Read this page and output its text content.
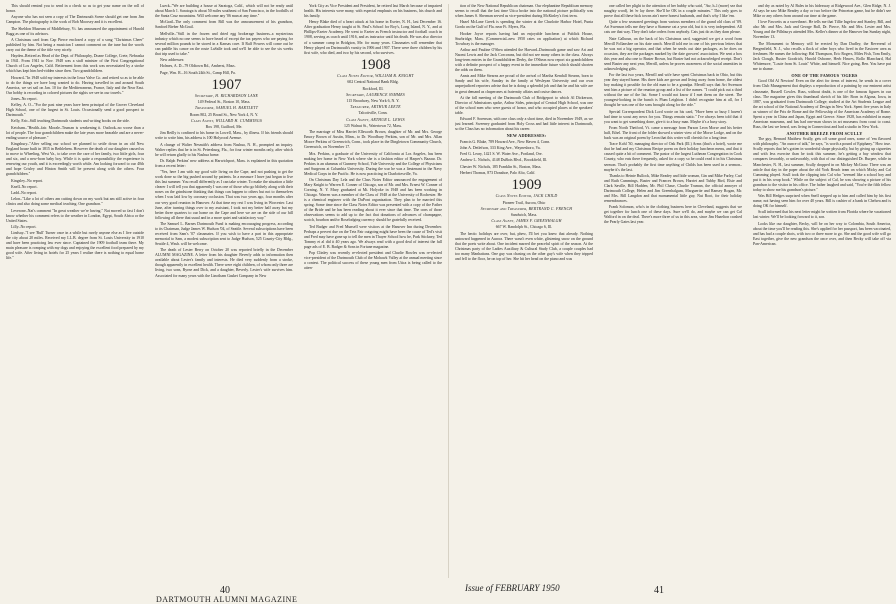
This should remind you to send in a check so as to get your name on the roll of honor.

Anyone who has not seen a copy of The Dartmouth Scene should get one from Jim Campion. The photography is the work of Bob Moorsey and it is excellent.

The Sheldon Museum of Middlebury, Vt. has announced the appointment of Harold Bugg as one of its advisors.

A Christmas card from Cap Pierce enclosed a copy of a song "Christmas Cheer" published by him. Not being a musician I cannot comment on the tune but the words carry out the theme of the title very nicely.

Hayden–Retired as Head of the Dept. of Philosophy, Doane College, Crete, Nebraska in 1941. From 1941 to Nov. 1948 was a staff minister of the First Congregational Church of Los Angeles, Calif. Retirement from this work was necessitated by a stroke which has kept him bed-ridden since then. Two grandchildren.

Howard–"In 1948 sold my interests in the Iowa Valve Co. and retired so as to be able to do the things we have long wanted to do. Having travelled in and around South America, we set sail on Jan. 10 for the Mediterranean, France, Italy and the Near East. Our hobby is recording in colored pictures the sights we see in our travels."

Jones–No report.

Kelley, A. O.–"For the past nine years have been principal of the Grover Cleveland High School, one of the largest in St. Louis. Occasionally send a good prospect to Dartmouth."

Kelly, Eric–Still teaching Dartmouth students and writing books on the side.

Ketcham–"Health–fair. Morale–Truman is weakening it. Outlook–no worse than a lot of people. The four grandchildren make the late years more bearable and are a never-ending source of pleasure."

Kingsbury–"After selling our school we planned to settle down in an old New England house built in 1815 in Bethlehem. However the death of our daughter caused us to move to Wheeling, West Va., to take over the care of her family, two little girls, four and six, and a new-born baby boy. While it is quite a responsibility the experience is renewing our youth, and it is exceedingly worth while. Am looking forward to our 40th and hope Crisley and Hinton Smith will be present along with the others. Four grandchildren."

Kingsley–No report.

Knell–No report.

Ladd–No report.

Lelon–"Like a lot of others am cutting down on my work but am still active in four clinics and also doing some medical teaching. One grandson."

Leverone–Nat's comment "In great weather we're having." Nat moved so fast I don't know whether his comment refers to the weather in London, Egypt, South Africa or the United States.

Lilly–No report.

Lindsay–"I see 'Bull' Turner once in a while but rarely anyone else as I live outside the city about 20 miles. Received my LL.B. degree from St. Louis University in 1910 and have been practicing law ever since. Captained the 1909 football team there. My main pleasure is romping with my dogs and enjoying the excellent food prepared by my good wife. After living in hotels for 25 years I realize there is nothing to equal home life."

Lueck–"We are building a house at Saratoga, Calif., which will not be ready until about March 1. Saratoga is about 50 miles southeast of San Francisco, in the foothills of the Santa Cruz mountains. Will welcome any '06 man at any time."

McGrail–The only comment from Bill was the announcement of his grandson, Sanford Bieber McGrail.

Mellville–"Still in the frozen and dried egg brokerage business–a mysterious industry which no one seems to have heard of except the tax payers who are paying for several million pounds to be stored in a Kansas cave. If Ralf Powers will come out he can paddle his canoe on the route LaSalle took and we'll be able to see the six weeks that trip used to take."

New addresses:

Holmes, A. D.–79 Oldtown Rd., Amherst, Mass.

Page, Wm. R.–16 South 24th St., Camp Hill, Pa.

1907

Secretary, H. RICHARDSON LANE

149 Federal St., Boston 10, Mass.

Treasurer, SAMUEL H. BARTLETT

Room 802, 25 Broad St., New York 4, N. Y.

Class Agent, WILLARD H. CUMMINGS

Box 198, Guilford, Me.

Jim Reilly is confined to his home in Lowell, Mass., by illness. If his friends should write to write him, his address is 100 Holyrood Avenue.

A change of Walter Nesmith's address from Nashua, N. H., prompted an inquiry. Walter replies that he is in St. Petersburg, Fla., for four winter months only, after which he will return gladly to his Nashua home.

Dr. Ralph Perkins' new address at Harwichport, Mass. is explained in this quotation from a recent letter:

"Yes, here I am with my good wife living on the Cape, and not pushing to get the work done so the big pushed around by patients. In a measure I have just begun to live this last summer. You recall differently as I can take winter. To make the situation a little clearer I will tell you that apparently I was one of those who go blithely along with their noses on the grindstone thinking that things can happen to others but not to themselves when I was laid low by coronary occlusion. That was two years ago, four months after our very good reunion in Hanover. At that time my rest I was living in Worcester. Last June, after turning things over to my assistant, I took not my better half away but my better three quarters to our home on the Cape and here we are on the side of our hill following all there that usual and in a more quiet and satisfactory way."

The Samuel L. Barnes Dartmouth Fund is making encouraging progress, according to its Chairman, Judge James W. Hudson '04, of Seattle. Several subscriptions have been received from Sam's '07 classmates. If you wish to have a part in this appropriate memorial to Sam, a modest subscription sent to Judge Hudson, 525 County-City Bldg., Seattle 4, Wash. will be welcome.

The death of Lester Berry on October 20 was reported briefly in the December ALUMNI MAGAZINE. A letter from his daughter Beverly adds to information then available about Lester's family and interests. He died very suddenly from a stroke, though apparently in excellent health. There were eight children, of whom only three are living, two sons, Byrne and Dick, and a daughter, Beverly. Lester's wife survives him. Associated for many years with the Linotham Gasket Company in New

York City as Vice President and President, he retired last March because of impaired health. His interests were many, with especial emphasis on his business, his church and his family.

Henry Blake died of a heart attack at his home in Exeter, N. H., last December 16. After graduation Henry taught at St. Paul's School for Boy's, Long Island, N. Y., and at Phillips-Exeter Academy. He went to Exeter as French instructor and football coach in 1908, serving as coach until 1916, and as instructor until his death. He was also director of a summer camp in Bridgton, Me. for many years. Classmates will remember that Henry played on Dartmouth's varsity in 1906 and 1907. There were three children by his first wife, who died, and two by his second, who survives.

1908

Class Notes Editor, WILLIAM B. KNIGHT

602 Central National Bank Bldg.

Rockford, Ill.

Secretary, LAURENCE SYMMES

115 Broadway, New York 6, N. Y.

Treasurer, ARTHUR LEETE

Talcottville, Conn.

Class Agent, ARTHUR L. LEWIS

125 Walnut St., Watertown 72, Mass.

The marriage of Miss Harriet Ellsworth Brown, daughter of Mr. and Mrs. George Emory Brown of Austin, Minn., to Dr. Woodbury Perkins, son of Mr. and Mrs. Allan Moore Perkins of Greenwich, Conn., took place in the Dingletown Community Church, Greenwich, on November 17.

Mrs. Perkins, a graduate of the University of California at Los Angeles, has been making her home in New York where she is a fashion editor of Harper's Bazaar. Dr. Perkins is an alumnus of Gunnery School, Yale University and the College of Physicians and Surgeons at Columbia University. During the war he was a lieutenant in the Navy Medical Corps in the Pacific. He is now practicing in Charlottesville, Va.

On Christmas Day Lela and the Class Notes Editor announced the engagement of Mary Knight to Warren E. Conner of Chicago, son of Mr. and Mrs. Ernest W. Conner of Corning, N. Y. Mary graduated at Mt. Holyoke in 1948 and has been working in Chicago. Warren was a member of the Class of 1948 at the University of Rochester. He is a chemical engineer with the DuPont organization. They plan to be married this spring. Some time since the Class Notes Editor was presented with a copy of the Father of the Bride and he has been reading about it ever since that time. The cons of those observations seems to add up to the fact that donations of advances of champagne, scotch, bourbon and/or Roselodging currency should be gratefully received.

Ted Badger and Fred Munsell were visitors at the Hanover Inn during December. Perhaps a pervert due on the Tetz Fair outgoing might have been the cause of Ted's visit and Fred may have gone up to tell the men in Thayer School how he, Park Stickney, Ted Tommy et al did it 40 years ago. We always read with a good deal of interest the full page ads of E. B. Badger & Sons in Fortune magazine.

Pop Clinley was recently re-elected president and Charlie Bowles was re-elected vice-president of the Dartmouth Club of the Mohawk Valley at the annual meeting since a contest. The political success of these young men from Utica is being called to the atten-

40
DARTMOUTH ALUMNI MAGAZINE

tion of the New National Republican chairman. Our elephantine Republican memory seems to recall that the last time Utica broke into the national picture politically was when James S. Sherman served as vice-president during McKinley's first term.

Hazel McLane Greek is spending the winter at the Charlotte Harbor Hotel, Punta Gorda on the Gulf of Fla. near Ft. Myers, Fla.

Hooker Joyce reports having had an enjoyable luncheon at Publick House, Sturbridge, Mass. (Commercial–new 1950 rates on application) at which Richard Trowbray is the manager.

Arthur and Pauline O'Shea attended the Harvard–Dartmouth game and saw Art and Naomi Lewis and the Jack Corcorans, but did not see many others in the class. Always long-term entries in the Grandchildren Derby, the O'Sheas now report six grandchildren with a definite prospect of a happy event in the immediate future which should shorten the odds on them.

Annis and Mike Stearns are proud of the arrival of Martha Kendall Stearns, born to Sandy and his wife, Sunday in the family at Wesleyan University and our own unprejudiced reporters advise that he is doing a splendid job and that he and his wife are in great demand as chaperones at fraternity affairs and cruise dances.

At the fall meeting of the Dartmouth Club of Bridgeport to which Al Dickerson, Director of Admissions spoke, Arthur Sides, principal of Central High School, was one of the school men who were guests of honor, and who occupied places at the speakers' table.

Edward F. Sorenson, with one class only a short time, died in November 1949, as we just learned. Sweeney graduated from Holy Cross and had little interest in Dartmouth, so the Class has no information about his career.

NEW ADDRESSES:

Francis G. Blake, 789 Howard Ave., New Haven 4, Conn.

John A. Detlefson, 333 King Ave., Waynesboro, Va.

Fred G. Leary, 1421 S. W. Water Ave., Portland, Ore.

Andrew L. Nichols, 4148 DuBois Blvd., Brookfield, Ill.

Chester W. Nichols, 185 Franklin St., Boston, Mass.

Herbert Thomas, 873 Donahoe, Palo Alto, Calif.

1909

Class Notes Editor, JACK CHILD

Pioneer Trail, Aurora, Ohio

Secretary and Treasurer, BERTRAND C. FRENCH

Sandwich, Mass.

Class Agent, JAMES F. GREENHALGH

667 W. Randolph St., Chicago 6, Ill.

The hectic holidays are over, but, phew, I'll bet you knew that already. Nothing untoward happened in Aurora. There wasn't even white, glistening snow on the ground that the poets write about. One incident marred the peaceful spirit of the season. At the Christmas party of the Ladies Auxiliary & Cultural Study Club, a couple couples had too many Manhattans. One guy was chasing on the other guy's wife when they tripped and fell to the floor, he on top of her. She hit her head on the piano and was

one called her plight to the attention of her hubby who said, "Aw, h–l (more) sez that naughty word), let 'er lay there. She'll be OK in a couple minutes." This only goes to prove that all these hick towns ain't mere honest husbands, and that's why I like 'em.

Quite a few seasoned greetings from various members of the grand old class of '09. Art Swenson tells me they have a Siamese cat a year old, but it is very independent. All cats are that way. They don't take orders from anybody. Cats just do as they darn please.

Nate Calhoun, on the back of his Christmas card, suggested we get a word from Merrill Follansbee on his date ranch. Merrill told me in one of his previous letters that he was not a big operator, and that when he sends out date packages, as he does on occasion, they are the packages marked by the date growers' association. We sent a box this year and also one to Buster Brown, but Buster had not acknowledged receipt. Don't send Buster any next year, Merrill, unless he proves awareness of the social amenities in acknowledging gifts.

For the last two years, Merrill and wife have spent Christmas back in Ohio, but this year they stayed home. His three kids are grown and living away from home, the oldest boy making it possible for the old man to be a grandpa. Merrill says that Art Swenson sent him a picture of the reunion group and a list of the names. "I could pick out a third without the use of the list. Some I would not know if I met them on the street. The youngest-looking in the bunch is Plum Leighton. I didn't recognize him at all, for I thought he was one of the sons brought along for the ride."

Special Correspondent Dick Lord wrote on his card, "Have been so busy I haven't had time to scout any news for you. Things remain static." I've always been told that if you want to get something done, give it to a busy man. Maybe it's a busy story.

From North Thetford, Vt. came a message from Parson Leon Morse and his better half, Ethel. The front of the folder showed a winter view of the Morse Lodge, and on the back was an original poem by Leon that this writer will cherish for a long time.

Trace Kohl '30, managing director of Oak Park (Ill.) Arms (that's a hotel), wrote me that he had and my Christmas Recipe poem on their holiday luncheon menu, and that it caused quite a bit of comment. The pastor of the largest Lutheran Congregation in Cook County, who eats there frequently, asked for a copy so he could read it in his Christmas sermon. That's probably the first time anything of Childs has been used in a sermon–maybe it's the last.

Thanks to Heinie Bullock, Mike Readey and little woman, Gin and Mike Farley, Carl and Ruth Cummings, Buster and Frances Brown, Harriet and Tubby Bird, Elsie and Clark Saville, Bill Hadden, Mr. Phil Chase, Charlie Truman, the official annoyer of Dartmouth College, Helen and Jim Greenhalgum, Marguerite and Ransey Rogan, Mr. and Mrs. Bill Langdon and that monumental little guy, Nut Root, for their holiday remembrances.

Frank Solomon, who's in the clothing business here in Cleveland, suggests that we get together for lunch one of these days. Sure we'll do, and maybe we can get Cal Walford in on the deal. There's more three of us in this area, since Jim Hazelton crashed the Pearly Gates last year.

and dry as noted by Al Bales in his hideaway at Ridgewood Ave., Glen Ridge, N. J. Al says he saw Mike Readey a day or two before the Princeton game, but he didn't see Mike or any others from around our time at the game.

I love Fawcetts as a sweetheart. He tells me that Tillie Ingelow and Stanley, Bill, and also Mr. and Mrs. Jack and George Ball, Dr. Pierce, Mr. and Mrs. Lester and Mrs. Young and the Pillsburys attended Mrs. Keller's dinner at the Hanover Inn Sunday night, November 13.

The Monument to Memory will be erected by Dan Dudley, the Reverend of Bergenfield, N. J., who recalls a flock of other boys who lived in the Eastover area as freshmen. He names the following: Hal Thompson, Eric Rogers, Miles Fish, Tom Emily, Jack Clough, Buster Goodrich, Harold Osborne, Herb Hawes, Rollo Blanchard, Hal Whitemore, "Louie from St. Louis" White, and himself. Nice going, Ben. You have put me to shame.

ONE OF THE FAMOUS 'OGERS

Good Old Al Newton! Even on the alert for items of interest, he sends in a cover from Club Management that displays a reproduction of a painting by our eminent artist classmate, Russell Cowles. Russ, without doubt, is one of the famous figures in our class. The magazine gives this thumbnail sketch of his life: Born in Algona, Iowa, in 1887, was graduated from Dartmouth College; studied at the Art Students League and the art school of the National Academy of Design in New York. Spent five years in Italy as winner of the Prix de Rome and the Fellowship of the American Academy of Rome. Spent a year in China and Japan, Egypt and Greece. Since 1928, has exhibited in many American museums, and has had one-man shows in art museums from coast to coast. Russ, the last we heard, was living in Connecticut and had a studio in New York.

ANOTHER BREEZE FROM SCULLY

The guy, Bernard Matthew Scully, gets off some good ones, some of 'em flavored with philosophy. "An ounce of talk," he says, "is worth a pound of Epiphany." How true. Scully reports that he's gotten in wonderful shape physically, but by giving up cigarettes and with less exercise than he took this summer, he's getting a bay window that compares favorably, or unfavorably, with that of our distinguished Dr. Burpee, while in Manchester, N. H., last summer, Scully dropped in on Mickey McGraw. There was an article that day in the paper about the old York Beach team on which Micky and Cal Cumming played. Scull took the clipping into Cal who "seemed like a school boy and put it in his wrap book." While on the subject of Cal, he was showing a picture of his grandson to the visitor in his office. The father laughed and said, "You're the fifth fellow today to show me his grandson's picture."

Was Bill Hedges surprised when Snell stepped up to him and called him by his first name, not having seen him for over 40 years. Bill is cashier of a bank in Chelsea and is doing OK for himself.

Scull informed that his next letter might be written from Florida where he vacationed last winter. We'll be looking forward to it, son.

Looks like our daughter, Becky, will be on her way to Colombia, South America, about the time you'll be reading this. She's applied for her passport, has been vaccinated, and has had a couple shots, with two or three more to go. She and the good wife will go East together, give the new grandson the once over, and then Becky will take off via Pan-American.

41
Issue of FEBRUARY 1950
